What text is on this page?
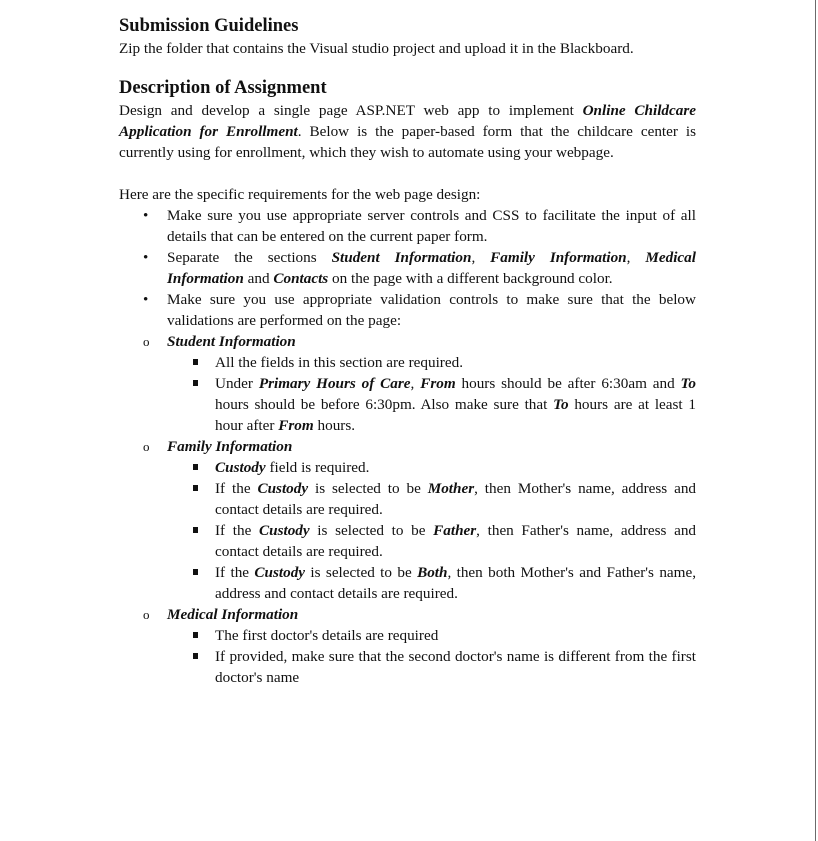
Submission Guidelines

Zip the folder that contains the Visual studio project and upload it in the Blackboard.

Description of Assignment

Design and develop a single page ASP.NET web app to implement Online Childcare Application for Enrollment. Below is the paper-based form that the childcare center is currently using for enrollment, which they wish to automate using your webpage.

Here are the specific requirements for the web page design:

• Make sure you use appropriate server controls and CSS to facilitate the input of all details that can be entered on the current paper form.
• Separate the sections Student Information, Family Information, Medical Information and Contacts on the page with a different background color.
• Make sure you use appropriate validation controls to make sure that the below validations are performed on the page:
o Student Information
All the fields in this section are required.
Under Primary Hours of Care, From hours should be after 6:30am and To hours should be before 6:30pm. Also make sure that To hours are at least 1 hour after From hours.
o Family Information
Custody field is required.
If the Custody is selected to be Mother, then Mother's name, address and contact details are required.
If the Custody is selected to be Father, then Father's name, address and contact details are required.
If the Custody is selected to be Both, then both Mother's and Father's name, address and contact details are required.
o Medical Information
The first doctor's details are required
If provided, make sure that the second doctor's name is different from the first doctor's name
